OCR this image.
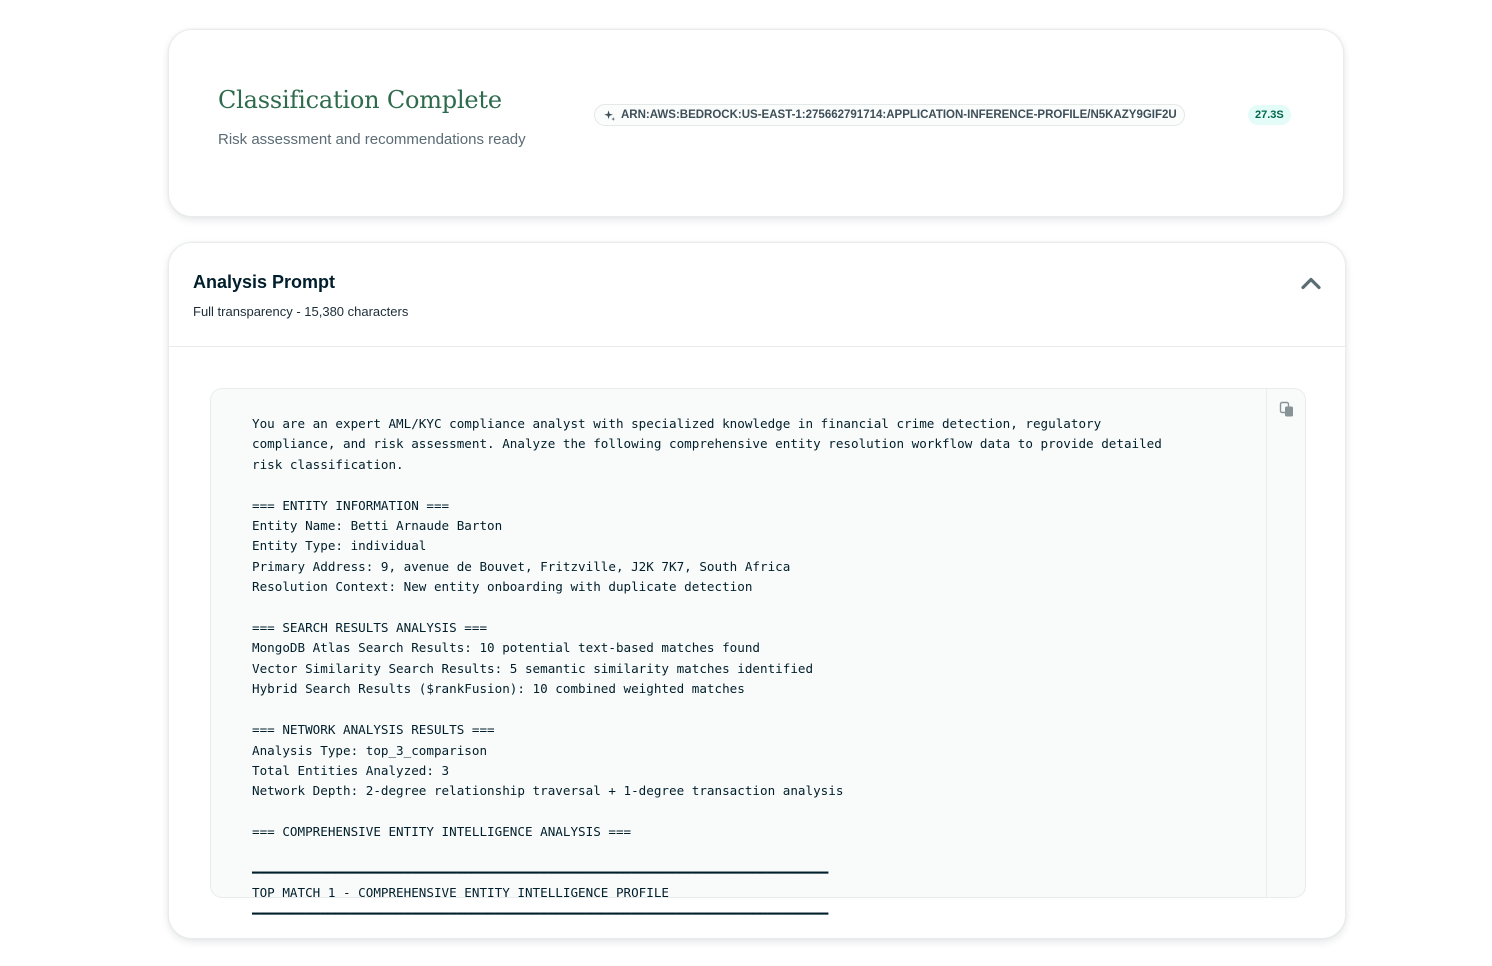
Classification Complete
Risk assessment and recommendations ready
ARN:AWS:BEDROCK:US-EAST-1:275662791714:APPLICATION-INFERENCE-PROFILE/N5KAZY9GIF2U	27.3S
Analysis Prompt
Full transparency - 15,380 characters
You are an expert AML/KYC compliance analyst with specialized knowledge in financial crime detection, regulatory
compliance, and risk assessment. Analyze the following comprehensive entity resolution workflow data to provide detailed
risk classification.

=== ENTITY INFORMATION ===
Entity Name: Betti Arnaude Barton
Entity Type: individual
Primary Address: 9, avenue de Bouvet, Fritzville, J2K 7K7, South Africa
Resolution Context: New entity onboarding with duplicate detection

=== SEARCH RESULTS ANALYSIS ===
MongoDB Atlas Search Results: 10 potential text-based matches found
Vector Similarity Search Results: 5 semantic similarity matches identified
Hybrid Search Results ($rankFusion): 10 combined weighted matches

=== NETWORK ANALYSIS RESULTS ===
Analysis Type: top_3_comparison
Total Entities Analyzed: 3
Network Depth: 2-degree relationship traversal + 1-degree transaction analysis

=== COMPREHENSIVE ENTITY INTELLIGENCE ANALYSIS ===

━━━━━━━━━━━━━━━━━━━━━━━━━━━━━━━━━━━━━━━━━━━━━━━━━━━━━━━━━━━━━━━━━━━━━━━━━━━━
TOP MATCH 1 - COMPREHENSIVE ENTITY INTELLIGENCE PROFILE
━━━━━━━━━━━━━━━━━━━━━━━━━━━━━━━━━━━━━━━━━━━━━━━━━━━━━━━━━━━━━━━━━━━━━━━━━━━━
